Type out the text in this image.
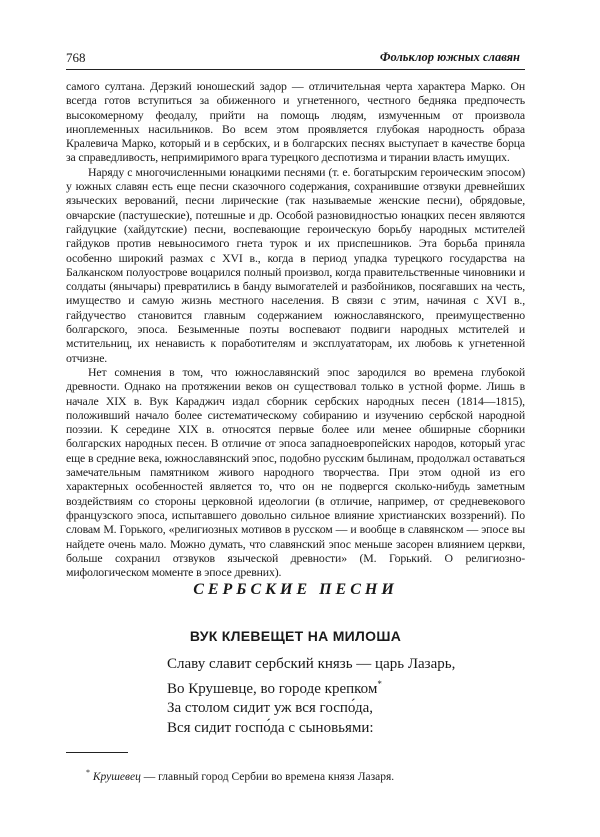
768	Фольклор южных славян

самого султана. Дерзкий юношеский задор — отличительная черта характера Марко. Он всегда готов вступиться за обиженного и угнетенного, честного бедняка предпочесть высокомерному феодалу, прийти на помощь людям, измученным от произвола иноплеменных насильников. Во всем этом проявляется глубокая народность образа Кралевича Марко, который и в сербских, и в болгарских песнях выступает в качестве борца за справедливость, непримиримого врага турецкого деспотизма и тирании власть имущих.

Наряду с многочисленными юнацкими песнями (т. е. богатырским героическим эпосом) у южных славян есть еще песни сказочного содержания, сохранившие отзвуки древнейших языческих верований, песни лирические (так называемые женские песни), обрядовые, овчарские (пастушеские), потешные и др. Особой разновидностью юнацких песен являются гайдуцкие (хайдутские) песни, воспевающие героическую борьбу народных мстителей гайдуков против невыносимого гнета турок и их приспешников. Эта борьба приняла особенно широкий размах с XVI в., когда в период упадка турецкого государства на Балканском полуострове воцарился полный произвол, когда правительственные чиновники и солдаты (янычары) превратились в банду вымогателей и разбойников, посягавших на честь, имущество и самую жизнь местного населения. В связи с этим, начиная с XVI в., гайдучество становится главным содержанием южнославянского, преимущественно болгарского, эпоса. Безыменные поэты воспевают подвиги народных мстителей и мстительниц, их ненависть к поработителям и эксплуататорам, их любовь к угнетенной отчизне.

Нет сомнения в том, что южнославянский эпос зародился во времена глубокой древности. Однако на протяжении веков он существовал только в устной форме. Лишь в начале XIX в. Вук Караджич издал сборник сербских народных песен (1814—1815), положивший начало более систематическому собиранию и изучению сербской народной поэзии. К середине XIX в. относятся первые более или менее обширные сборники болгарских народных песен. В отличие от эпоса западноевропейских народов, который угас еще в средние века, южнославянский эпос, подобно русским былинам, продолжал оставаться замечательным памятником живого народного творчества. При этом одной из его характерных особенностей является то, что он не подвергся сколько-нибудь заметным воздействиям со стороны церковной идеологии (в отличие, например, от средневекового французского эпоса, испытавшего довольно сильное влияние христианских воззрений). По словам М. Горького, «религиозных мотивов в русском — и вообще в славянском — эпосе вы найдете очень мало. Можно думать, что славянский эпос меньше засорен влиянием церкви, больше сохранил отзвуков языческой древности» (М. Горький. О религиозно-мифологическом моменте в эпосе древних).

СЕРБСКИЕ ПЕСНИ
ВУК КЛЕВЕЩЕТ НА МИЛОША
Славу славит сербский князь — царь Лазарь,
Во Крушевце, во городе крепком*
За столом сидит уж вся госпо́да,
Вся сидит госпо́да с сыновьями:
* Крушевец — главный город Сербии во времена князя Лазаря.
